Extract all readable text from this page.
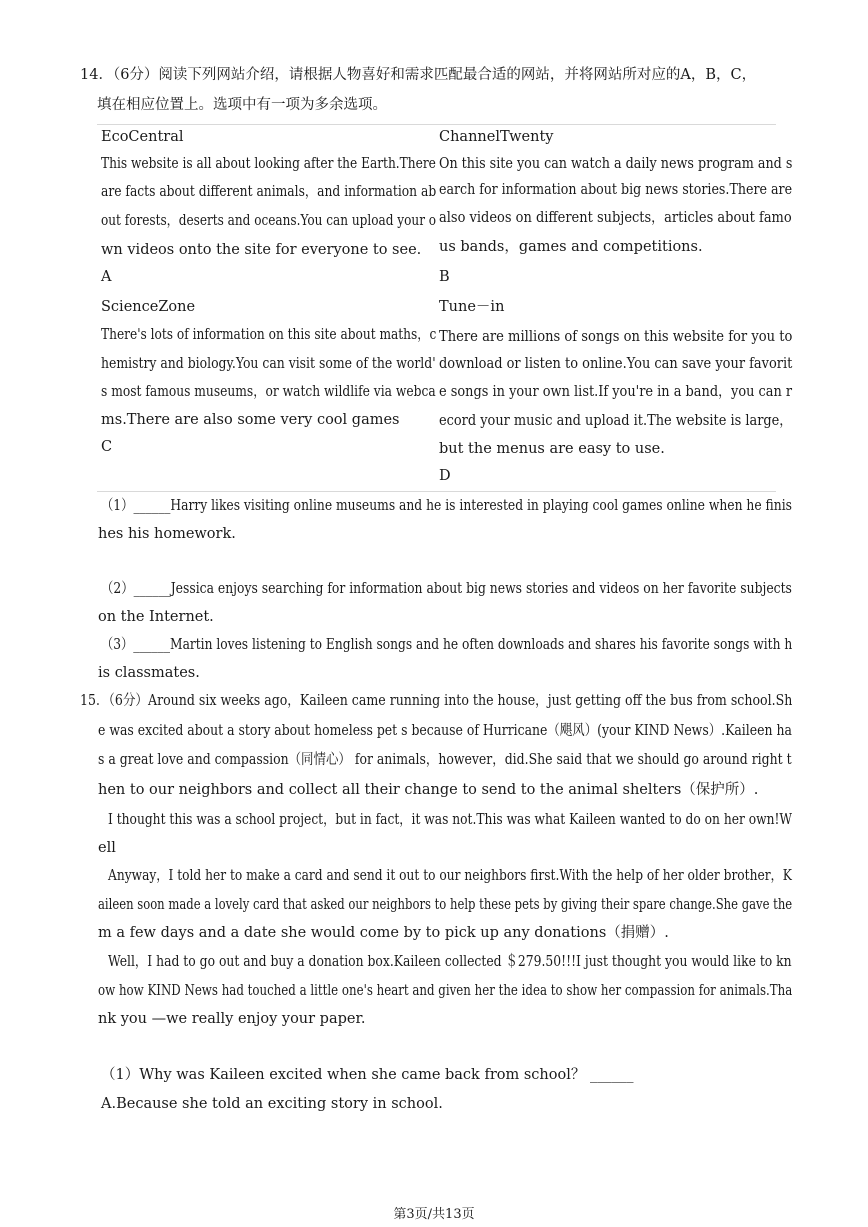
14．（6分）阅读下列网站介绍，请根据人物喜好和需求匹配最合适的网站，并将网站所对应的A，B，C，
填在相应位置上。选项中有一项为多余选项。
EcoCentral
This website is all about looking after the Earth.There
are facts about different animals，and information ab
out forests，deserts and oceans.You can upload your o
wn videos onto the site for everyone to see.
A
ChannelTwenty
On this site you can watch a daily news program and s
earch for information about big news stories.There are
also videos on different subjects，articles about famo
us bands，games and competitions.
B
ScienceZone
There's lots of information on this site about maths，c
hemistry and biology.You can visit some of the world'
s most famous museums，or watch wildlife via webca
ms.There are also some very cool games
C
Tune－in
There are millions of songs on this website for you to
download or listen to online.You can save your favorit
e songs in your own list.If you're in a band，you can r
ecord your music and upload it.The website is large，
but the menus are easy to use.
D
（1）______Harry likes visiting online museums and he is interested in playing cool games online when he finis
hes his homework.
（2）______Jessica enjoys searching for information about big news stories and videos on her favorite subjects
on the Internet.
（3）______Martin loves listening to English songs and he often downloads and shares his favorite songs with h
is classmates.
15．（6分）Around six weeks ago，Kaileen came running into the house，just getting off the bus from school.Sh
e was excited about a story about homeless pet s because of Hurricane（飓风）(your KIND News）.Kaileen ha
s a great love and compassion（同情心） for animals，however，did.She said that we should go around right t
hen to our neighbors and collect all their change to send to the animal shelters（保护所）.
I thought this was a school project，but in fact，it was not.This was what Kaileen wanted to do on her own!W
ell
Anyway，I told her to make a card and send it out to our neighbors first.With the help of her older brother，K
aileen soon made a lovely card that asked our neighbors to help these pets by giving their spare change.She gave the
m a few days and a date she would come by to pick up any donations（捐赠）.
Well，I had to go out and buy a donation box.Kaileen collected ＄279.50!!!I just thought you would like to kn
ow how KIND News had touched a little one's heart and given her the idea to show her compassion for animals.Tha
nk you —we really enjoy your paper.
（1）Why was Kaileen excited when she came back from school？ ______
A.Because she told an exciting story in school.
第3页/共13页
